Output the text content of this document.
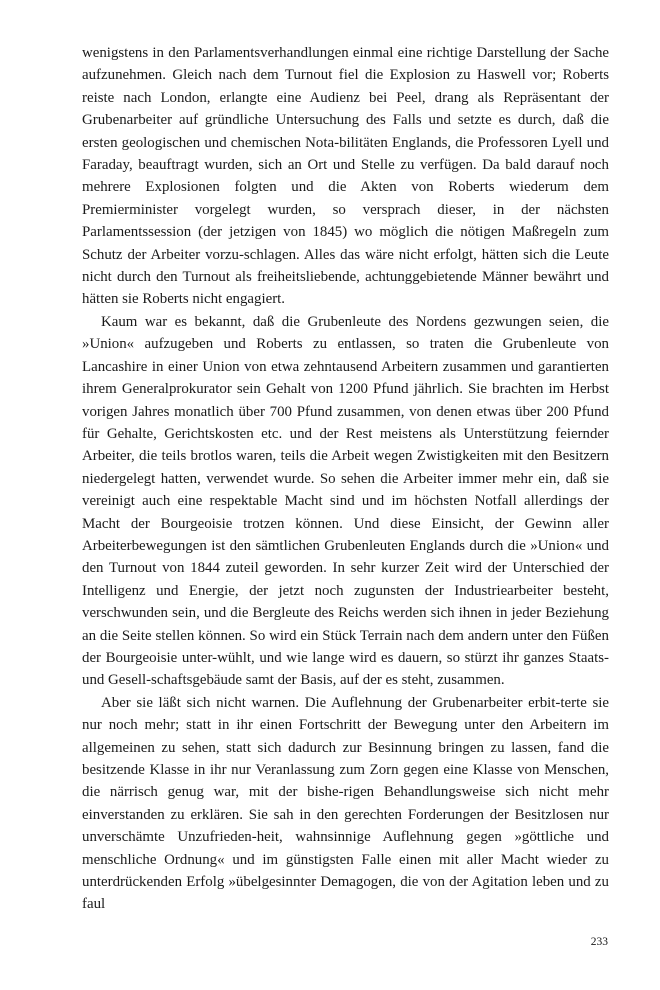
wenigstens in den Parlamentsverhandlungen einmal eine richtige Darstellung der Sache aufzunehmen. Gleich nach dem Turnout fiel die Explosion zu Haswell vor; Roberts reiste nach London, erlangte eine Audienz bei Peel, drang als Repräsentant der Grubenarbeiter auf gründliche Untersuchung des Falls und setzte es durch, daß die ersten geologischen und chemischen Nota-bilitäten Englands, die Professoren Lyell und Faraday, beauftragt wurden, sich an Ort und Stelle zu verfügen. Da bald darauf noch mehrere Explosionen folgten und die Akten von Roberts wiederum dem Premierminister vorgelegt wurden, so versprach dieser, in der nächsten Parlamentssession (der jetzigen von 1845) wo möglich die nötigen Maßregeln zum Schutz der Arbeiter vorzu-schlagen. Alles das wäre nicht erfolgt, hätten sich die Leute nicht durch den Turnout als freiheitsliebende, achtunggebietende Männer bewährt und hätten sie Roberts nicht engagiert.

Kaum war es bekannt, daß die Grubenleute des Nordens gezwungen seien, die »Union« aufzugeben und Roberts zu entlassen, so traten die Grubenleute von Lancashire in einer Union von etwa zehntausend Arbeitern zusammen und garantierten ihrem Generalprokurator sein Gehalt von 1200 Pfund jährlich. Sie brachten im Herbst vorigen Jahres monatlich über 700 Pfund zusammen, von denen etwas über 200 Pfund für Gehalte, Gerichtskosten etc. und der Rest meistens als Unterstützung feiernder Arbeiter, die teils brotlos waren, teils die Arbeit wegen Zwistigkeiten mit den Besitzern niedergelegt hatten, verwendet wurde. So sehen die Arbeiter immer mehr ein, daß sie vereinigt auch eine respektable Macht sind und im höchsten Notfall allerdings der Macht der Bourgeoisie trotzen können. Und diese Einsicht, der Gewinn aller Arbeiterbewegungen ist den sämtlichen Grubenleuten Englands durch die »Union« und den Turnout von 1844 zuteil geworden. In sehr kurzer Zeit wird der Unterschied der Intelligenz und Energie, der jetzt noch zugunsten der Industriearbeiter besteht, verschwunden sein, und die Bergleute des Reichs werden sich ihnen in jeder Beziehung an die Seite stellen können. So wird ein Stück Terrain nach dem andern unter den Füßen der Bourgeoisie unter-wühlt, und wie lange wird es dauern, so stürzt ihr ganzes Staats- und Gesell-schaftsgebäude samt der Basis, auf der es steht, zusammen.

Aber sie läßt sich nicht warnen. Die Auflehnung der Grubenarbeiter erbit-terte sie nur noch mehr; statt in ihr einen Fortschritt der Bewegung unter den Arbeitern im allgemeinen zu sehen, statt sich dadurch zur Besinnung bringen zu lassen, fand die besitzende Klasse in ihr nur Veranlassung zum Zorn gegen eine Klasse von Menschen, die närrisch genug war, mit der bishe-rigen Behandlungsweise sich nicht mehr einverstanden zu erklären. Sie sah in den gerechten Forderungen der Besitzlosen nur unverschämte Unzufrieden-heit, wahnsinnige Auflehnung gegen »göttliche und menschliche Ordnung« und im günstigsten Falle einen mit aller Macht wieder zu unterdrückenden Erfolg »übelgesinnter Demagogen, die von der Agitation leben und zu faul

233
